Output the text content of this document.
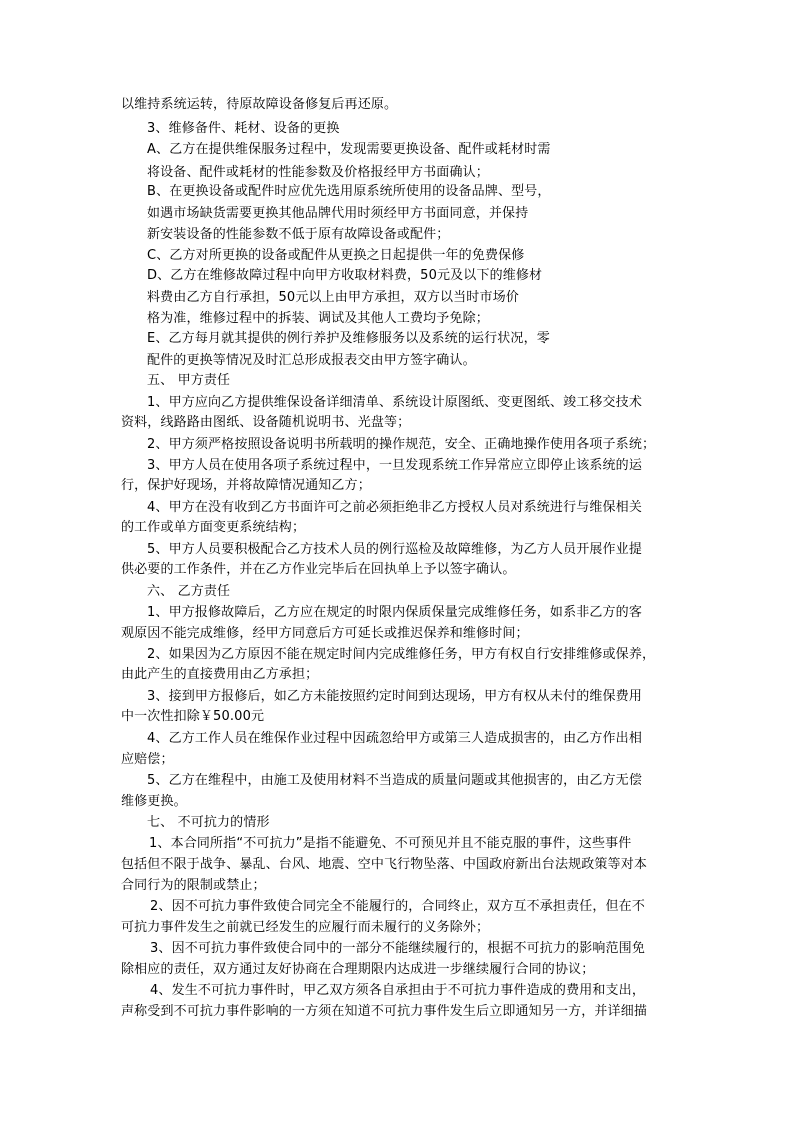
以维持系统运转，待原故障设备修复后再还原。

3、维修备件、耗材、设备的更换

A、乙方在提供维保服务过程中，发现需要更换设备、配件或耗材时需

将设备、配件或耗材的性能参数及价格报经甲方书面确认；

B、在更换设备或配件时应优先选用原系统所使用的设备品牌、型号，

如遇市场缺货需要更换其他品牌代用时须经甲方书面同意，并保持

新安装设备的性能参数不低于原有故障设备或配件；

C、乙方对所更换的设备或配件从更换之日起提供一年的免费保修

D、乙方在维修故障过程中向甲方收取材料费，50元及以下的维修材

料费由乙方自行承担，50元以上由甲方承担，双方以当时市场价

格为准，维修过程中的拆装、调试及其他人工费均予免除；

E、乙方每月就其提供的例行养护及维修服务以及系统的运行状况，零

配件的更换等情况及时汇总形成报表交由甲方签字确认。

五、 甲方责任

1、甲方应向乙方提供维保设备详细清单、系统设计原图纸、变更图纸、竣工移交技术

资料，线路路由图纸、设备随机说明书、光盘等；

2、甲方须严格按照设备说明书所载明的操作规范，安全、正确地操作使用各项子系统；

3、甲方人员在使用各项子系统过程中，一旦发现系统工作异常应立即停止该系统的运

行，保护好现场，并将故障情况通知乙方；

4、甲方在没有收到乙方书面许可之前必须拒绝非乙方授权人员对系统进行与维保相关

的工作或单方面变更系统结构；

5、甲方人员要积极配合乙方技术人员的例行巡检及故障维修，为乙方人员开展作业提

供必要的工作条件，并在乙方作业完毕后在回执单上予以签字确认。

六、 乙方责任

1、甲方报修故障后，乙方应在规定的时限内保质保量完成维修任务，如系非乙方的客

观原因不能完成维修，经甲方同意后方可延长或推迟保养和维修时间；

2、如果因为乙方原因不能在规定时间内完成维修任务，甲方有权自行安排维修或保养，

由此产生的直接费用由乙方承担；

3、接到甲方报修后，如乙方未能按照约定时间到达现场，甲方有权从未付的维保费用

中一次性扣除￥50.00元

4、乙方工作人员在维保作业过程中因疏忽给甲方或第三人造成损害的，由乙方作出相

应赔偿；

5、乙方在维程中，由施工及使用材料不当造成的质量问题或其他损害的，由乙方无偿

维修更换。

七、 不可抗力的情形

1、本合同所指“不可抗力”是指不能避免、不可预见并且不能克服的事件，这些事件

包括但不限于战争、暴乱、台风、地震、空中飞行物坠落、中国政府新出台法规政策等对本

合同行为的限制或禁止；

2、因不可抗力事件致使合同完全不能履行的，合同终止，双方互不承担责任，但在不

可抗力事件发生之前就已经发生的应履行而未履行的义务除外；

3、因不可抗力事件致使合同中的一部分不能继续履行的，根据不可抗力的影响范围免

除相应的责任，双方通过友好协商在合理期限内达成进一步继续履行合同的协议；

4、发生不可抗力事件时，甲乙双方须各自承担由于不可抗力事件造成的费用和支出，

声称受到不可抗力事件影响的一方须在知道不可抗力事件发生后立即通知另一方，并详细描
